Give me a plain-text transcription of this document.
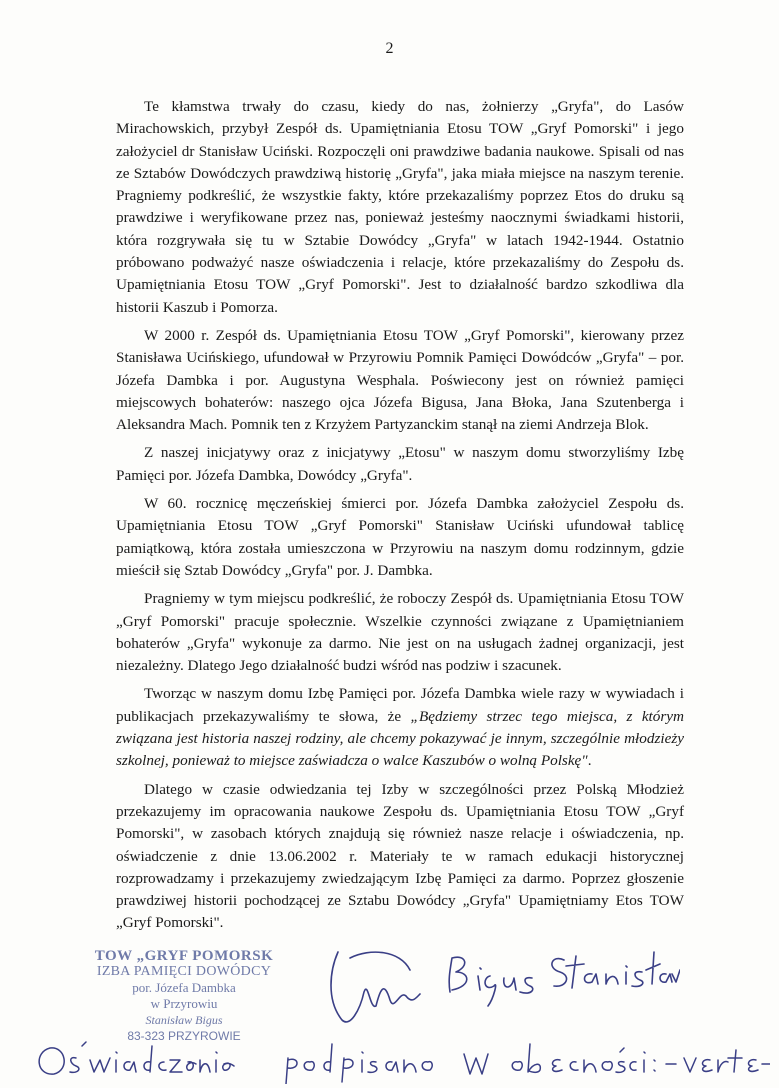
2

Te kłamstwa trwały do czasu, kiedy do nas, żołnierzy „Gryfa", do Lasów Mirachowskich, przybył Zespół ds. Upamiętniania Etosu TOW „Gryf Pomorski" i jego założyciel dr Stanisław Uciński. Rozpoczęli oni prawdziwe badania naukowe. Spisali od nas ze Sztabów Dowódczych prawdziwą historię „Gryfa", jaka miała miejsce na naszym terenie. Pragniemy podkreślić, że wszystkie fakty, które przekazaliśmy poprzez Etos do druku są prawdziwe i weryfikowane przez nas, ponieważ jesteśmy naocznymi świadkami historii, która rozgrywała się tu w Sztabie Dowódcy „Gryfa" w latach 1942-1944. Ostatnio próbowano podważyć nasze oświadczenia i relacje, które przekazaliśmy do Zespołu ds. Upamiętniania Etosu TOW „Gryf Pomorski". Jest to działalność bardzo szkodliwa dla historii Kaszub i Pomorza.

W 2000 r. Zespół ds. Upamiętniania Etosu TOW „Gryf Pomorski", kierowany przez Stanisława Ucińskiego, ufundował w Przyrowiu Pomnik Pamięci Dowódców „Gryfa" – por. Józefa Dambka i por. Augustyna Wesphala. Poświecony jest on również pamięci miejscowych bohaterów: naszego ojca Józefa Bigusa, Jana Błoka, Jana Szutenberga i Aleksandra Mach. Pomnik ten z Krzyżem Partyzanckim stanął na ziemi Andrzeja Blok.

Z naszej inicjatywy oraz z inicjatywy „Etosu" w naszym domu stworzyliśmy Izbę Pamięci por. Józefa Dambka, Dowódcy „Gryfa".

W 60. rocznicę męczeńskiej śmierci por. Józefa Dambka założyciel Zespołu ds. Upamiętniania Etosu TOW „Gryf Pomorski" Stanisław Uciński ufundował tablicę pamiątkową, która została umieszczona w Przyrowiu na naszym domu rodzinnym, gdzie mieścił się Sztab Dowódcy „Gryfa" por. J. Dambka.

Pragniemy w tym miejscu podkreślić, że roboczy Zespół ds. Upamiętniania Etosu TOW „Gryf Pomorski" pracuje społecznie. Wszelkie czynności związane z Upamiętnianiem bohaterów „Gryfa" wykonuje za darmo. Nie jest on na usługach żadnej organizacji, jest niezależny. Dlatego Jego działalność budzi wśród nas podziw i szacunek.

Tworząc w naszym domu Izbę Pamięci por. Józefa Dambka wiele razy w wywiadach i publikacjach przekazywaliśmy te słowa, że „Będziemy strzec tego miejsca, z którym związana jest historia naszej rodziny, ale chcemy pokazywać je innym, szczególnie młodzieży szkolnej, ponieważ to miejsce zaświadcza o walce Kaszubów o wolną Polskę".

Dlatego w czasie odwiedzania tej Izby w szczególności przez Polską Młodzież przekazujemy im opracowania naukowe Zespołu ds. Upamiętniania Etosu TOW „Gryf Pomorski", w zasobach których znajdują się również nasze relacje i oświadczenia, np. oświadczenie z dnie 13.06.2002 r. Materiały te w ramach edukacji historycznej rozprowadzamy i przekazujemy zwiedzającym Izbę Pamięci za darmo. Poprzez głoszenie prawdziwej historii pochodzącej ze Sztabu Dowódcy „Gryfa" Upamiętniamy Etos TOW „Gryf Pomorski".

TOW „GRYF POMORSK
IZBA PAMIĘCI DOWÓDCY
por. Józefa Dambka
w Przyrowiu
Stanisław Bigus
83-323 PRZYROWIE
